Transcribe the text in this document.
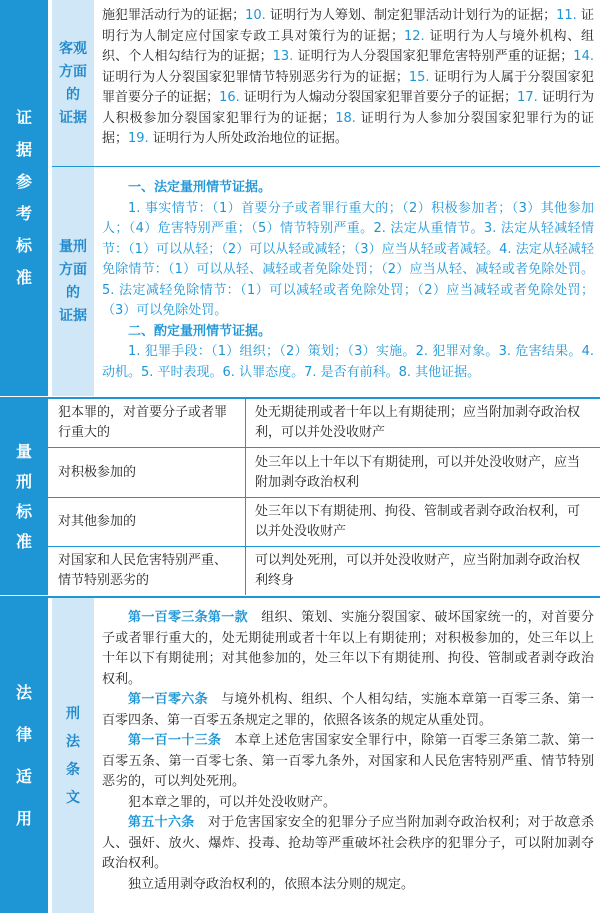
证
据
参
考
标
准
客观
方面
的
证据
施犯罪活动行为的证据；10. 证明行为人筹划、制定犯罪活动计划行为的证据；11. 证明行为人制定应付国家专政工具对策行为的证据；12. 证明行为人与境外机构、组织、个人相勾结行为的证据；13. 证明行为人分裂国家犯罪危害特别严重的证据；14. 证明行为人分裂国家犯罪情节特别恶劣行为的证据；15. 证明行为人属于分裂国家犯罪首要分子的证据；16. 证明行为人煽动分裂国家犯罪首要分子的证据；17. 证明行为人积极参加分裂国家犯罪行为的证据；18. 证明行为人参加分裂国家犯罪行为的证据；19. 证明行为人所处政治地位的证据。
量刑
方面
的
证据

一、法定量刑情节证据。

1. 事实情节：（1）首要分子或者罪行重大的；（2）积极参加者；（3）其他参加人；（4）危害特别严重；（5）情节特别严重。2. 法定从重情节。3. 法定从轻减轻情节：（1）可以从轻；（2）可以从轻或减轻；（3）应当从轻或者减轻。4. 法定从轻减轻免除情节：（1）可以从轻、减轻或者免除处罚；（2）应当从轻、减轻或者免除处罚。5. 法定减轻免除情节：（1）可以减轻或者免除处罚；（2）应当减轻或者免除处罚；（3）可以免除处罚。

二、酌定量刑情节证据。

1. 犯罪手段：（1）组织；（2）策划；（3）实施。2. 犯罪对象。3. 危害结果。4. 动机。5. 平时表现。6. 认罪态度。7. 是否有前科。8. 其他证据。

量
刑
标
准
犯本罪的，对首要分子或者罪行重大的
处无期徒刑或者十年以上有期徒刑；应当附加剥夺政治权利，可以并处没收财产
对积极参加的
处三年以上十年以下有期徒刑，可以并处没收财产，应当附加剥夺政治权利
对其他参加的
处三年以下有期徒刑、拘役、管制或者剥夺政治权利，可以并处没收财产
对国家和人民危害特别严重、情节特别恶劣的
可以判处死刑，可以并处没收财产，应当附加剥夺政治权利终身
法
律
适
用
刑
法
条
文

第一百零三条第一款　 组织、策划、实施分裂国家、破坏国家统一的，对首要分子或者罪行重大的，处无期徒刑或者十年以上有期徒刑；对积极参加的，处三年以上十年以下有期徒刑；对其他参加的，处三年以下有期徒刑、拘役、管制或者剥夺政治权利。

第一百零六条　 与境外机构、组织、个人相勾结，实施本章第一百零三条、第一百零四条、第一百零五条规定之罪的，依照各该条的规定从重处罚。

第一百一十三条　 本章上述危害国家安全罪行中，除第一百零三条第二款、第一百零五条、第一百零七条、第一百零九条外，对国家和人民危害特别严重、情节特别恶劣的，可以判处死刑。

犯本章之罪的，可以并处没收财产。

第五十六条　 对于危害国家安全的犯罪分子应当附加剥夺政治权利；对于故意杀人、强奸、放火、爆炸、投毒、抢劫等严重破坏社会秩序的犯罪分子，可以附加剥夺政治权利。

独立适用剥夺政治权利的，依照本法分则的规定。
